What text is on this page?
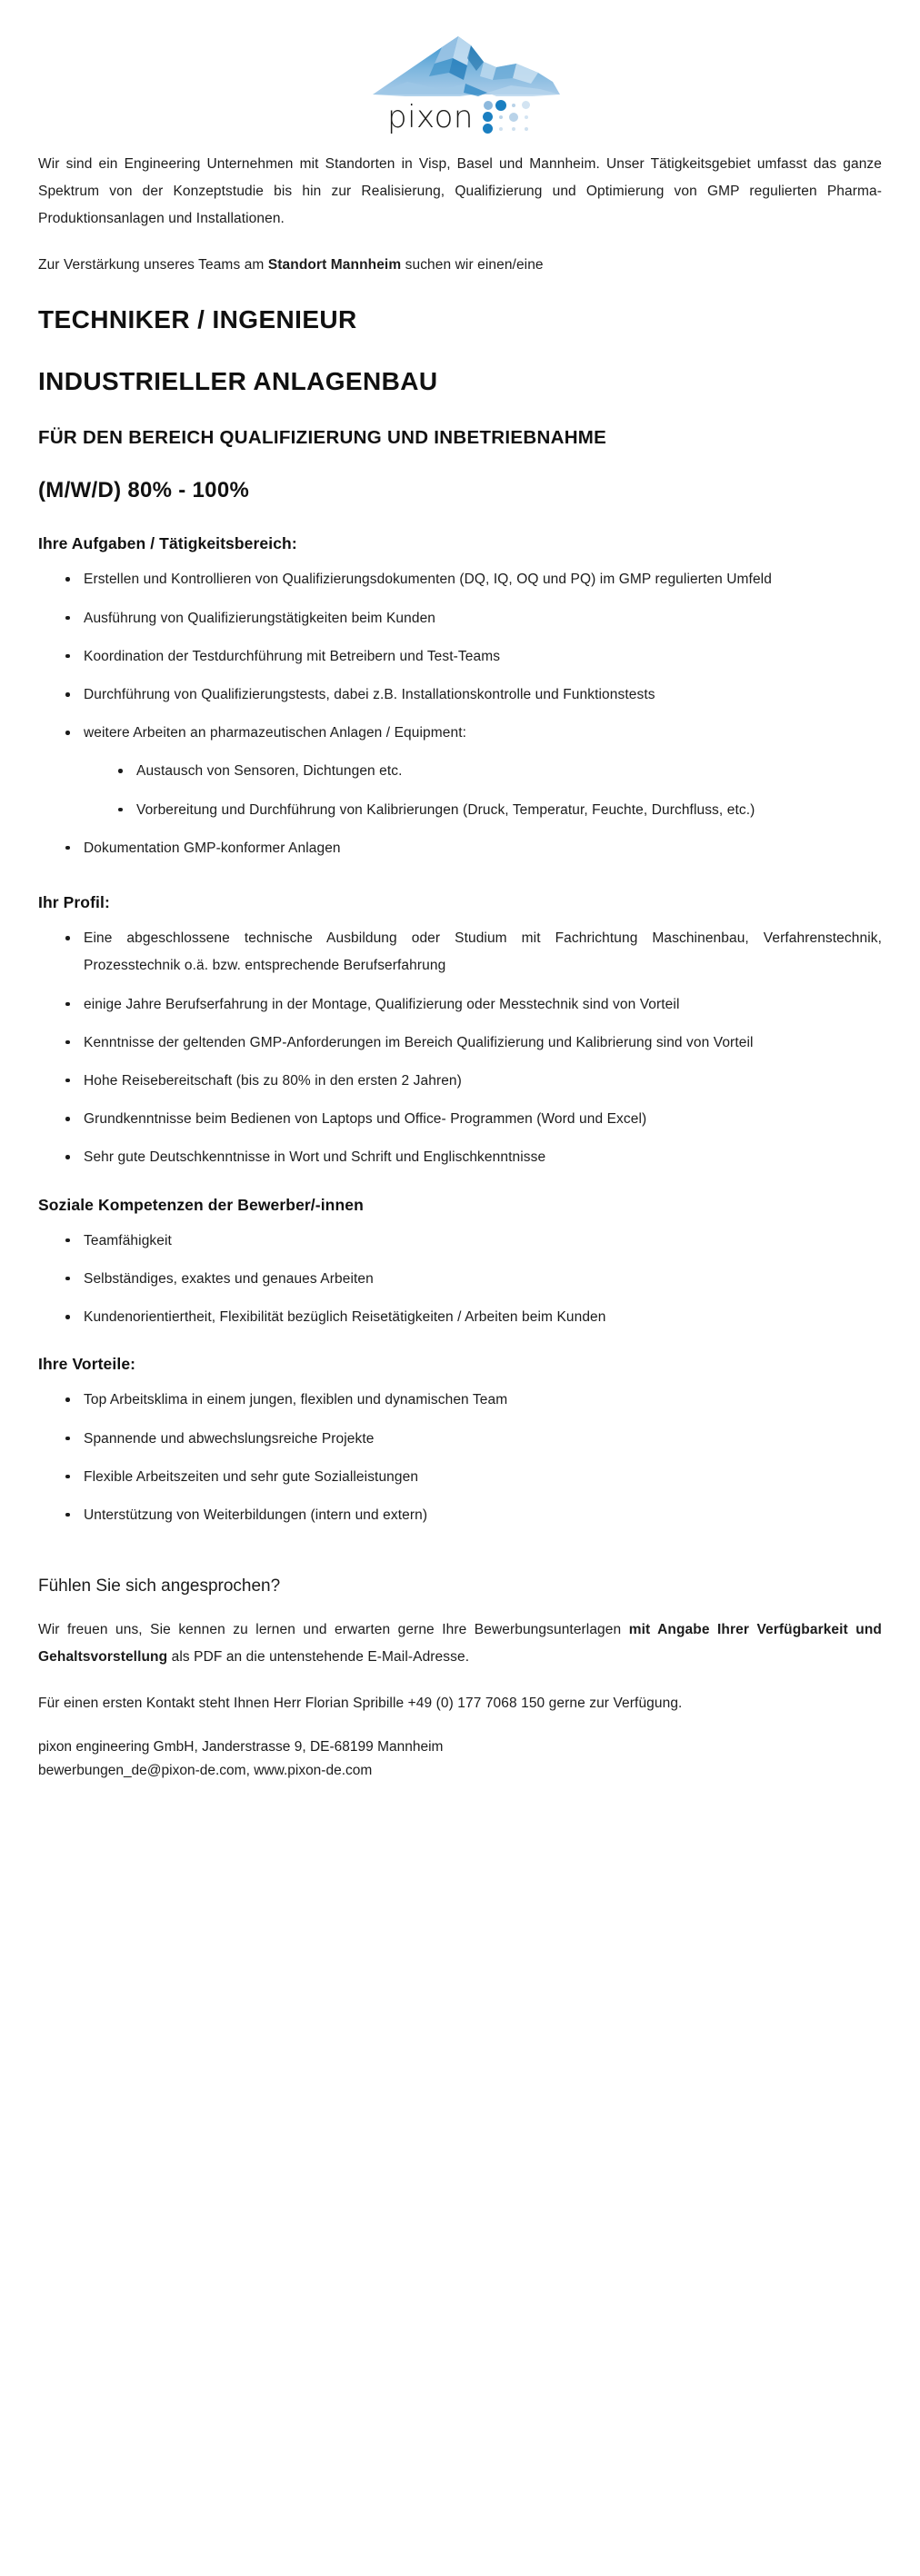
pixon

Wir sind ein Engineering Unternehmen mit Standorten in Visp, Basel und Mannheim. Unser Tätigkeitsgebiet umfasst das ganze Spektrum von der Konzeptstudie bis hin zur Realisierung, Qualifizierung und Optimierung von GMP regulierten Pharma-Produktionsanlagen und Installationen.

Zur Verstärkung unseres Teams am Standort Mannheim suchen wir einen/eine

TECHNIKER / INGENIEUR
INDUSTRIELLER ANLAGENBAU
FÜR DEN BEREICH QUALIFIZIERUNG UND INBETRIEBNAHME
(M/W/D) 80% - 100%
Ihre Aufgaben / Tätigkeitsbereich:
Erstellen und Kontrollieren von Qualifizierungsdokumenten (DQ, IQ, OQ und PQ) im GMP regulierten Umfeld
Ausführung von Qualifizierungstätigkeiten beim Kunden
Koordination der Testdurchführung mit Betreibern und Test-Teams
Durchführung von Qualifizierungstests, dabei z.B. Installationskontrolle und Funktionstests
weitere Arbeiten an pharmazeutischen Anlagen / Equipment:
Austausch von Sensoren, Dichtungen etc.
Vorbereitung und Durchführung von Kalibrierungen (Druck, Temperatur, Feuchte, Durchfluss, etc.)
Dokumentation GMP-konformer Anlagen
Ihr Profil:
Eine abgeschlossene technische Ausbildung oder Studium mit Fachrichtung Maschinenbau, Verfahrenstechnik, Prozesstechnik o.ä. bzw. entsprechende Berufserfahrung
einige Jahre Berufserfahrung in der Montage, Qualifizierung oder Messtechnik sind von Vorteil
Kenntnisse der geltenden GMP-Anforderungen im Bereich Qualifizierung und Kalibrierung sind von Vorteil
Hohe Reisebereitschaft (bis zu 80% in den ersten 2 Jahren)
Grundkenntnisse beim Bedienen von Laptops und Office- Programmen (Word und Excel)
Sehr gute Deutschkenntnisse in Wort und Schrift und Englischkenntnisse
Soziale Kompetenzen der Bewerber/-innen
Teamfähigkeit
Selbständiges, exaktes und genaues Arbeiten
Kundenorientiertheit, Flexibilität bezüglich Reisetätigkeiten / Arbeiten beim Kunden
Ihre Vorteile:
Top Arbeitsklima in einem jungen, flexiblen und dynamischen Team
Spannende und abwechslungsreiche Projekte
Flexible Arbeitszeiten und sehr gute Sozialleistungen
Unterstützung von Weiterbildungen (intern und extern)
Fühlen Sie sich angesprochen?

Wir freuen uns, Sie kennen zu lernen und erwarten gerne Ihre Bewerbungsunterlagen mit Angabe Ihrer Verfügbarkeit und Gehaltsvorstellung als PDF an die untenstehende E-Mail-Adresse.

Für einen ersten Kontakt steht Ihnen Herr Florian Spribille +49 (0) 177 7068 150 gerne zur Verfügung.

pixon engineering GmbH, Janderstrasse 9, DE-68199 Mannheim

bewerbungen_de@pixon-de.com, www.pixon-de.com
